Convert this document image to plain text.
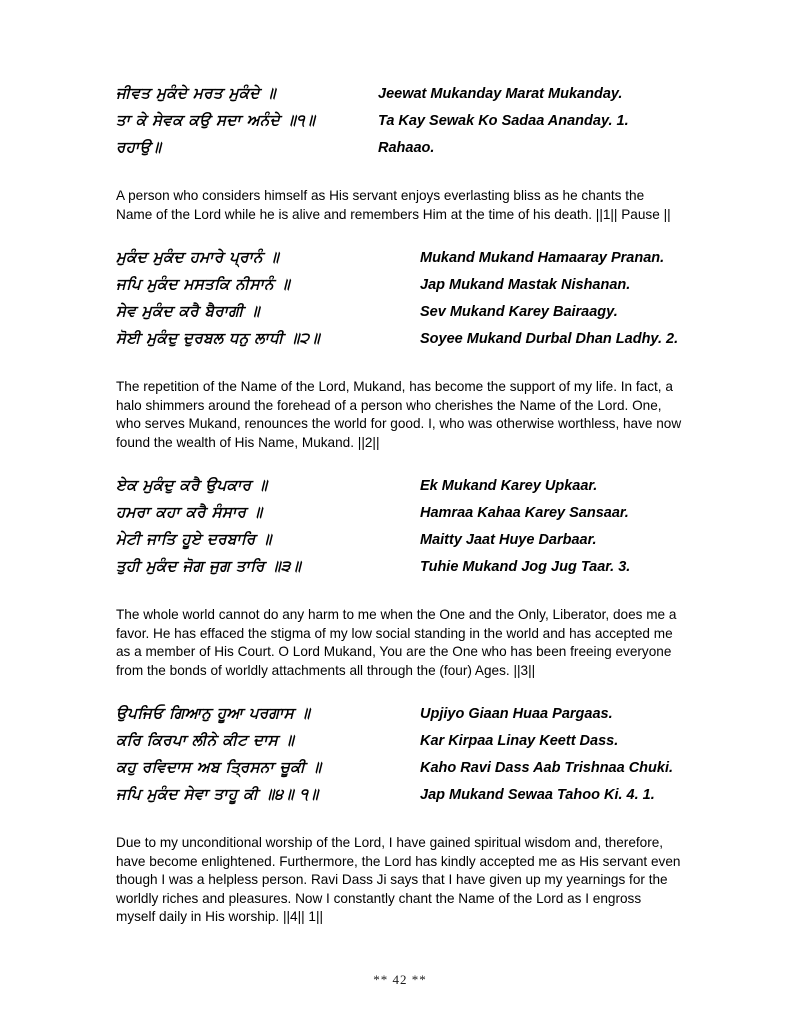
ਜੀਵਤ ਮੁਕੰਦੇ ਮਰਤ ਮੁਕੰਦੇ ॥	Jeewat Mukanday Marat Mukanday.
ਤਾ ਕੇ ਸੇਵਕ ਕਉ ਸਦਾ ਅਨੰਦੇ ॥੧॥	Ta Kay Sewak Ko Sadaa Ananday. 1.
ਰਹਾਉ॥	Rahaao.
A person who considers himself as His servant enjoys everlasting bliss as he chants the Name of the Lord while he is alive and remembers Him at the time of his death. ||1|| Pause ||
ਮੁਕੰਦ ਮੁਕੰਦ ਹਮਾਰੇ ਪ੍ਰਾਨੰ ॥	Mukand Mukand Hamaaray Pranan.
ਜਪਿ ਮੁਕੰਦ ਮਸਤਕਿ ਨੀਸਾਨੰ ॥	Jap Mukand Mastak Nishanan.
ਸੇਵ ਮੁਕੰਦ ਕਰੈ ਬੈਰਾਗੀ ॥	Sev Mukand Karey Bairaagy.
ਸੋਈ ਮੁਕੰਦੁ ਦੁਰਬਲ ਧਨੁ ਲਾਧੀ ॥੨॥	Soyee Mukand Durbal Dhan Ladhy. 2.
The repetition of the Name of the Lord, Mukand, has become the support of my life. In fact, a halo shimmers around the forehead of a person who cherishes the Name of the Lord. One, who serves Mukand, renounces the world for good. I, who was otherwise worthless, have now found the wealth of His Name, Mukand. ||2||
ਏਕ ਮੁਕੰਦੁ ਕਰੈ ਉਪਕਾਰ ॥	Ek Mukand Karey Upkaar.
ਹਮਰਾ ਕਹਾ ਕਰੈ ਸੰਸਾਰ ॥	Hamraa Kahaa Karey Sansaar.
ਮੇਟੀ ਜਾਤਿ ਹੂਏ ਦਰਬਾਰਿ ॥	Maitty Jaat Huye Darbaar.
ਤੁਹੀ ਮੁਕੰਦ ਜੋਗ ਜੁਗ ਤਾਰਿ ॥੩॥	Tuhie Mukand Jog Jug Taar. 3.
The whole world cannot do any harm to me when the One and the Only, Liberator, does me a favor. He has effaced the stigma of my low social standing in the world and has accepted me as a member of His Court. O Lord Mukand, You are the One who has been freeing everyone from the bonds of worldly attachments all through the (four) Ages. ||3||
ਉਪਜਿਓ ਗਿਆਨੁ ਹੂਆ ਪਰਗਾਸ ॥	Upjiyo Giaan Huaa Pargaas.
ਕਰਿ ਕਿਰਪਾ ਲੀਨੇ ਕੀਟ ਦਾਸ ॥	Kar Kirpaa Linay Keett Dass.
ਕਹੁ ਰਵਿਦਾਸ ਅਬ ਤ੍ਰਿਸਨਾ ਚੂਕੀ ॥	Kaho Ravi Dass Aab Trishnaa Chuki.
ਜਪਿ ਮੁਕੰਦ ਸੇਵਾ ਤਾਹੂ ਕੀ ॥੪॥ ੧॥	Jap Mukand Sewaa Tahoo Ki. 4. 1.
Due to my unconditional worship of the Lord, I have gained spiritual wisdom and, therefore, have become enlightened. Furthermore, the Lord has kindly accepted me as His servant even though I was a helpless person. Ravi Dass Ji says that I have given up my yearnings for the worldly riches and pleasures. Now I constantly chant the Name of the Lord as I engross myself daily in His worship. ||4|| 1||
** 42 **
